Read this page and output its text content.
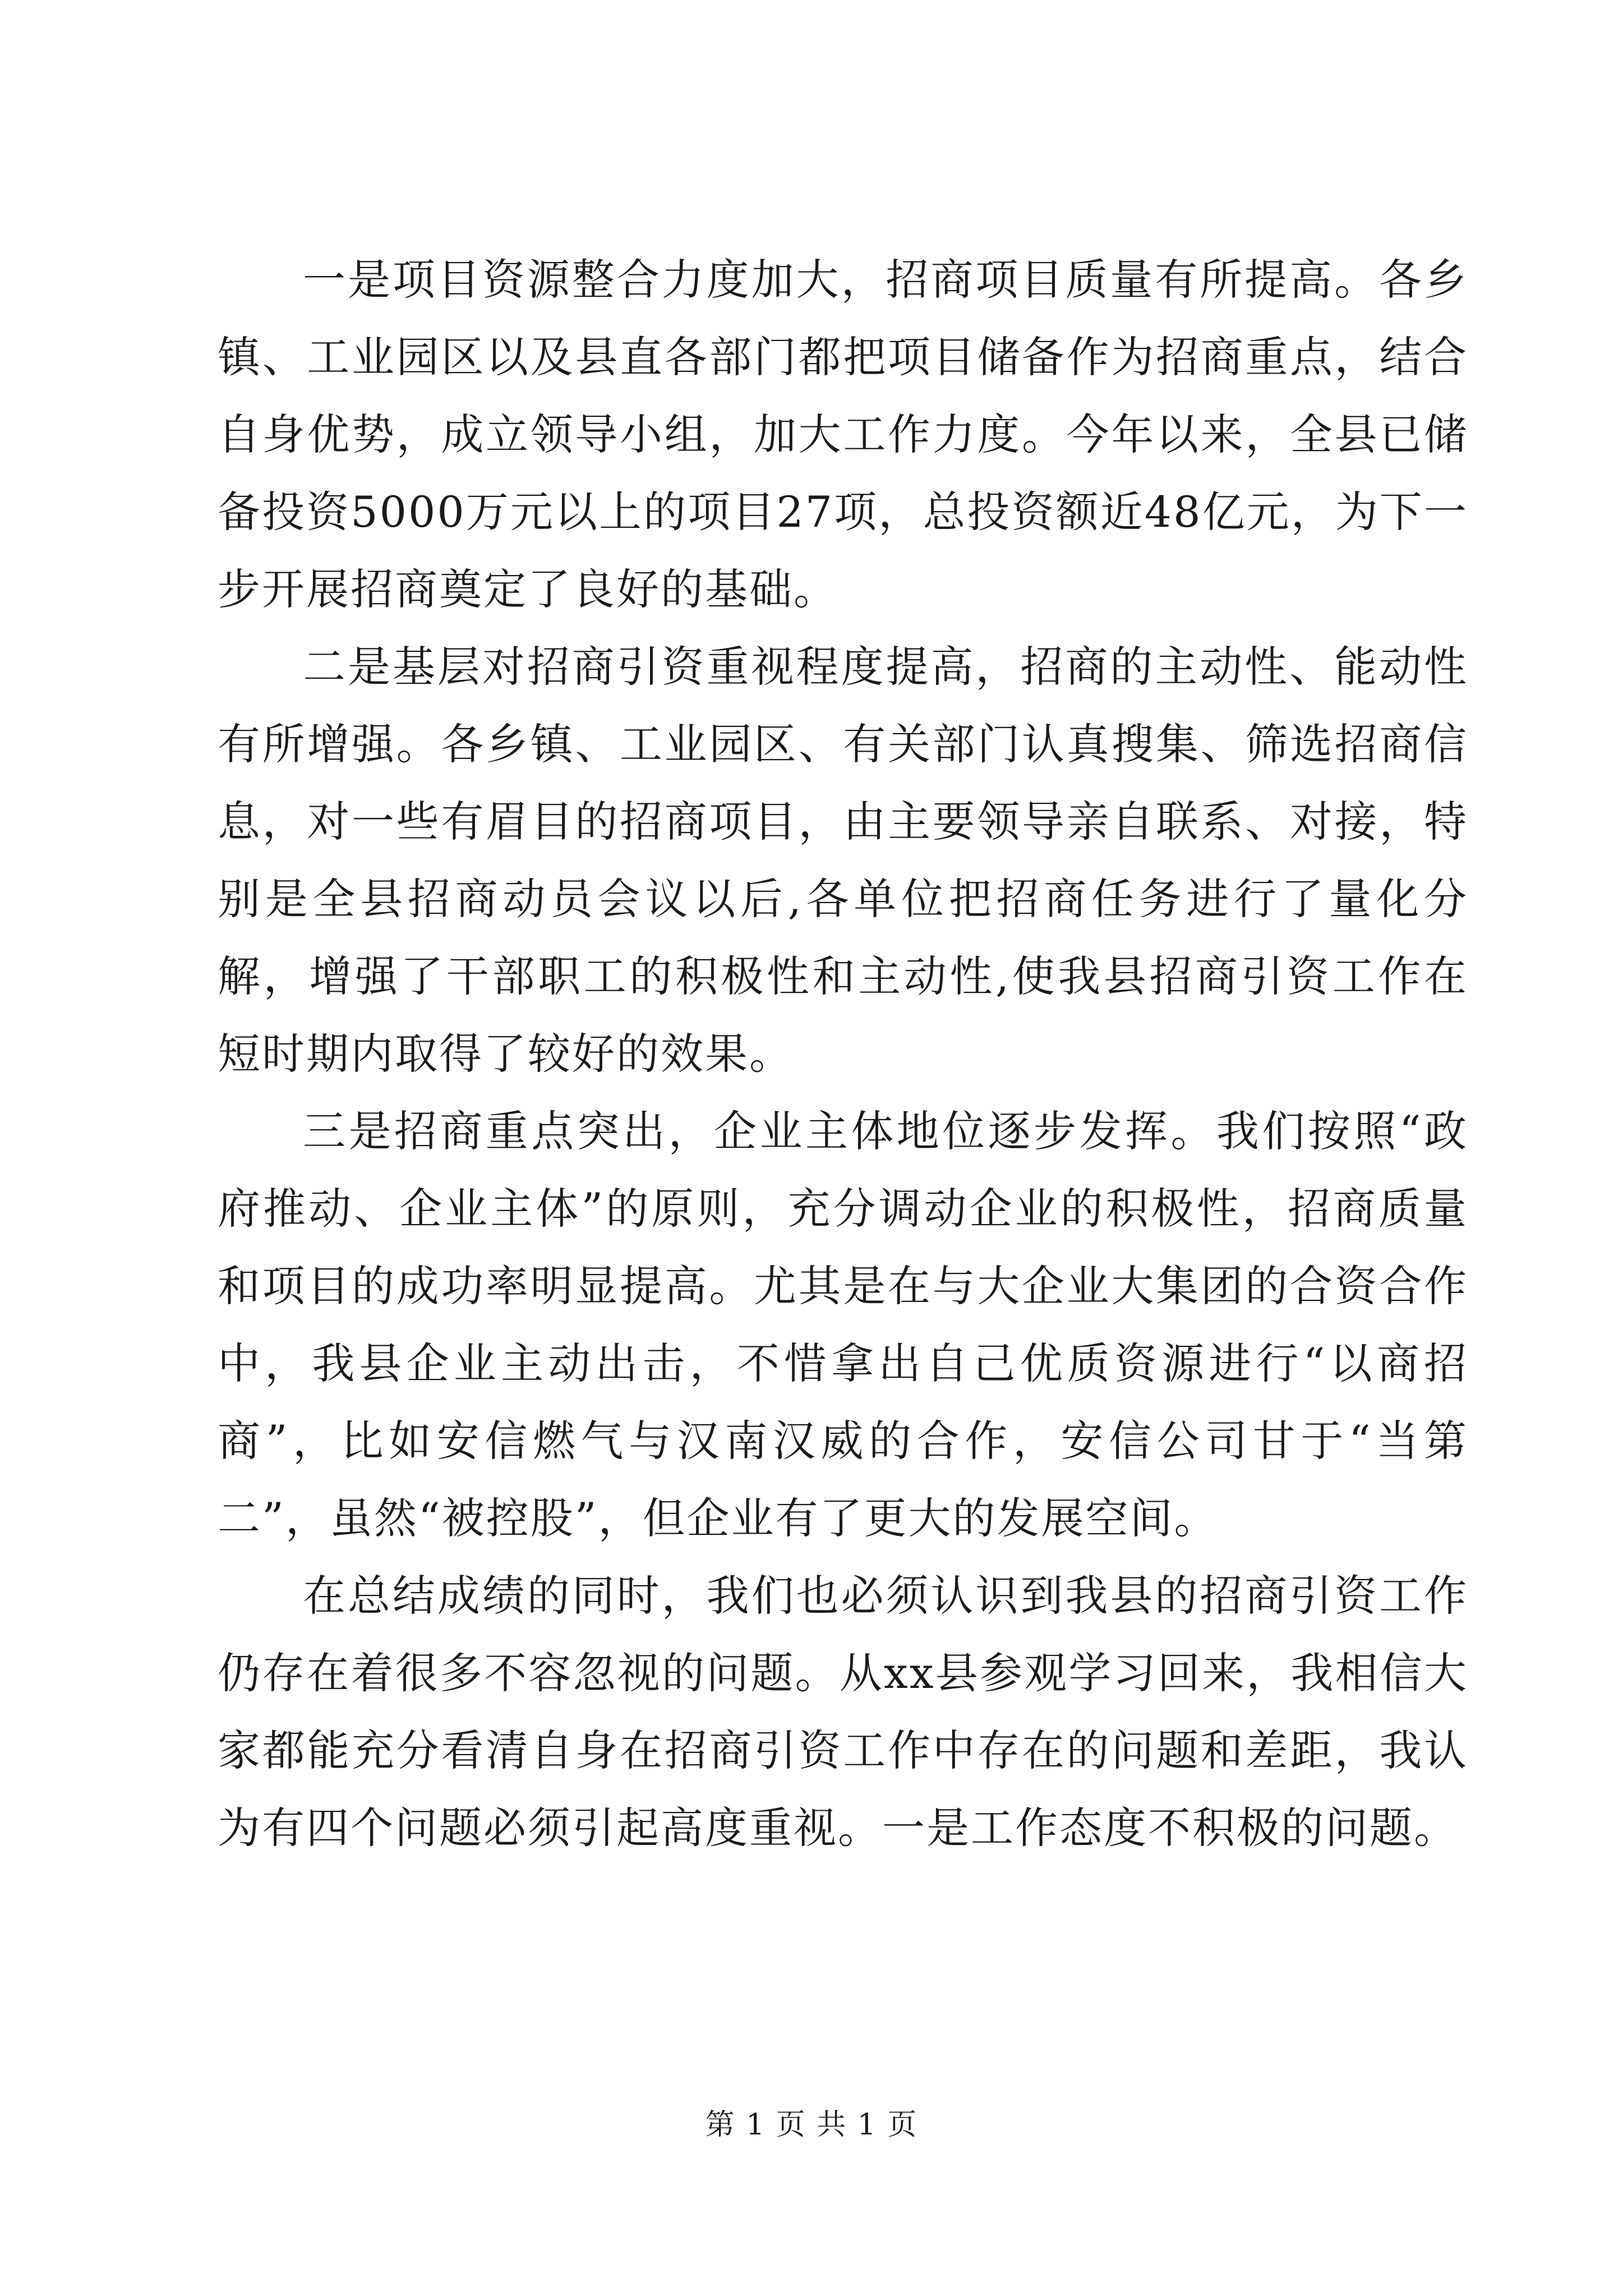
一是项目资源整合力度加大，招商项目质量有所提高。各乡镇、工业园区以及县直各部门都把项目储备作为招商重点，结合自身优势，成立领导小组，加大工作力度。今年以来，全县已储备投资5000万元以上的项目27项，总投资额近48亿元，为下一步开展招商奠定了良好的基础。

二是基层对招商引资重视程度提高，招商的主动性、能动性有所增强。各乡镇、工业园区、有关部门认真搜集、筛选招商信息，对一些有眉目的招商项目，由主要领导亲自联系、对接，特别是全县招商动员会议以后,各单位把招商任务进行了量化分解，增强了干部职工的积极性和主动性,使我县招商引资工作在短时期内取得了较好的效果。

三是招商重点突出，企业主体地位逐步发挥。我们按照“政府推动、企业主体”的原则，充分调动企业的积极性，招商质量和项目的成功率明显提高。尤其是在与大企业大集团的合资合作中，我县企业主动出击，不惜拿出自己优质资源进行“以商招商”，比如安信燃气与汉南汉威的合作，安信公司甘于“当第二”，虽然“被控股”，但企业有了更大的发展空间。

在总结成绩的同时，我们也必须认识到我县的招商引资工作仍存在着很多不容忽视的问题。从xx县参观学习回来，我相信大家都能充分看清自身在招商引资工作中存在的问题和差距，我认为有四个问题必须引起高度重视。一是工作态度不积极的问题。

第 1 页 共 1 页
